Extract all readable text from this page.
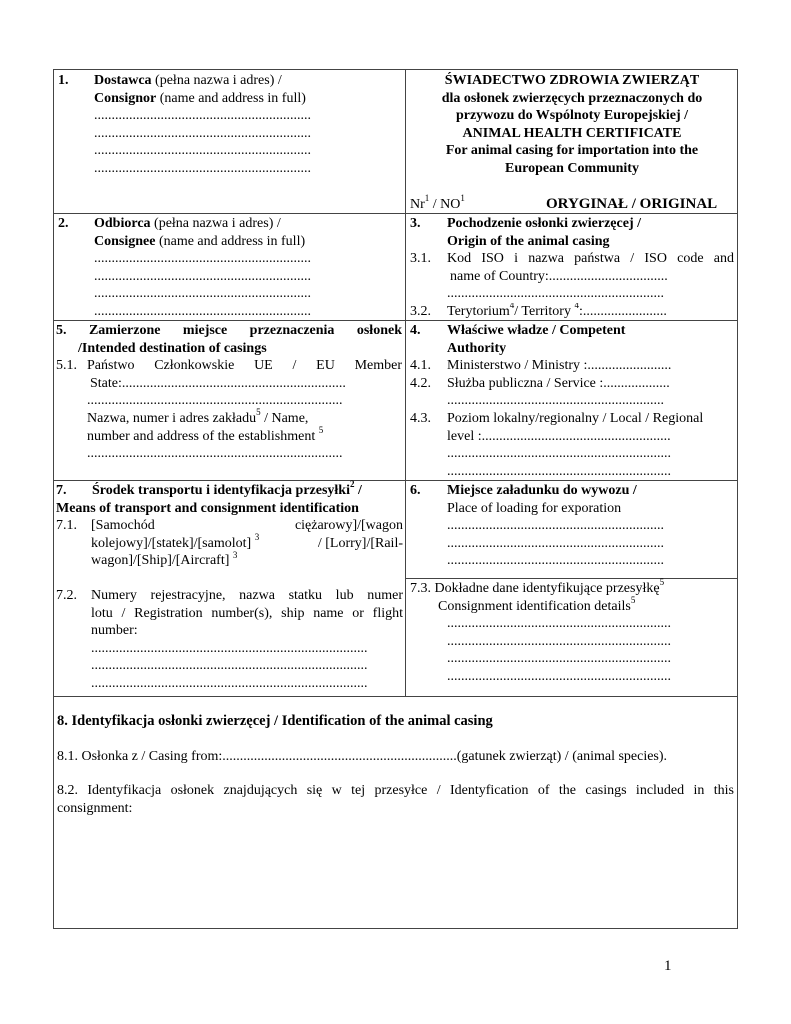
1.	Dostawca (pełna nazwa i adres) /
Consignor (name and address in full)
..............................................................
..............................................................
..............................................................
..............................................................
ŚWIADECTWO ZDROWIA ZWIERZĄT
dla osłonek zwierzęcych przeznaczonych do
przywozu do Wspólnoty Europejskiej /
ANIMAL HEALTH CERTIFICATE
For animal casing for importation into the
European Community
$Nr^1 / NO^1$	ORYGINAŁ / ORIGINAL
2.	Odbiorca (pełna nazwa i adres) /
Consignee (name and address in full)
..............................................................
..............................................................
..............................................................
..............................................................
3.	Pochodzenie osłonki zwierzęcej /
Origin of the animal casing
3.1.	Kod ISO i nazwa państwa / ISO code and
name of Country:..................................
..............................................................
3.2.	Terytorium$^4$/ Territory $^4$:........................
5. Zamierzone miejsce przeznaczenia osłonek
/Intended destination of casings
5.1. Państwo Członkowskie UE / EU Member
State:................................................................
.........................................................................
Nazwa, numer i adres zakładu$^5$ / Name,
number and address of the establishment $^5$
.........................................................................
4.	Właściwe władze / Competent
Authority
4.1.	Ministerstwo / Ministry :........................
4.2.	Służba publiczna / Service :...................
..............................................................
4.3.	Poziom lokalny/regionalny / Local / Regional
level :......................................................
................................................................
................................................................
7.	Środek transportu i identyfikacja przesyłki$^2$ /
Means of transport and consignment identification
7.1.	[Samochód	ciężarowy]/[wagon
kolejowy]/[statek]/[samolot] $^3$	/ [Lorry]/[Rail-
wagon]/[Ship]/[Aircraft] $^3$
7.2.	Numery rejestracyjne, nazwa statku lub numer
lotu / Registration number(s), ship name or flight
number:
...............................................................................
...............................................................................
...............................................................................
6.	Miejsce załadunku do wywozu /
Place of loading for exporation
..............................................................
..............................................................
..............................................................
7.3. Dokładne dane identyfikujące przesyłkę$^5$
Consignment identification details$^5$
................................................................
................................................................
................................................................
................................................................
8. Identyfikacja osłonki zwierzęcej / Identification of the animal casing
8.1. Osłonka z / Casing from:...................................................................(gatunek zwierząt) / (animal species).
8.2. Identyfikacja osłonek znajdujących się w tej przesyłce / Identyfication of the casings included in this
consignment:
1
